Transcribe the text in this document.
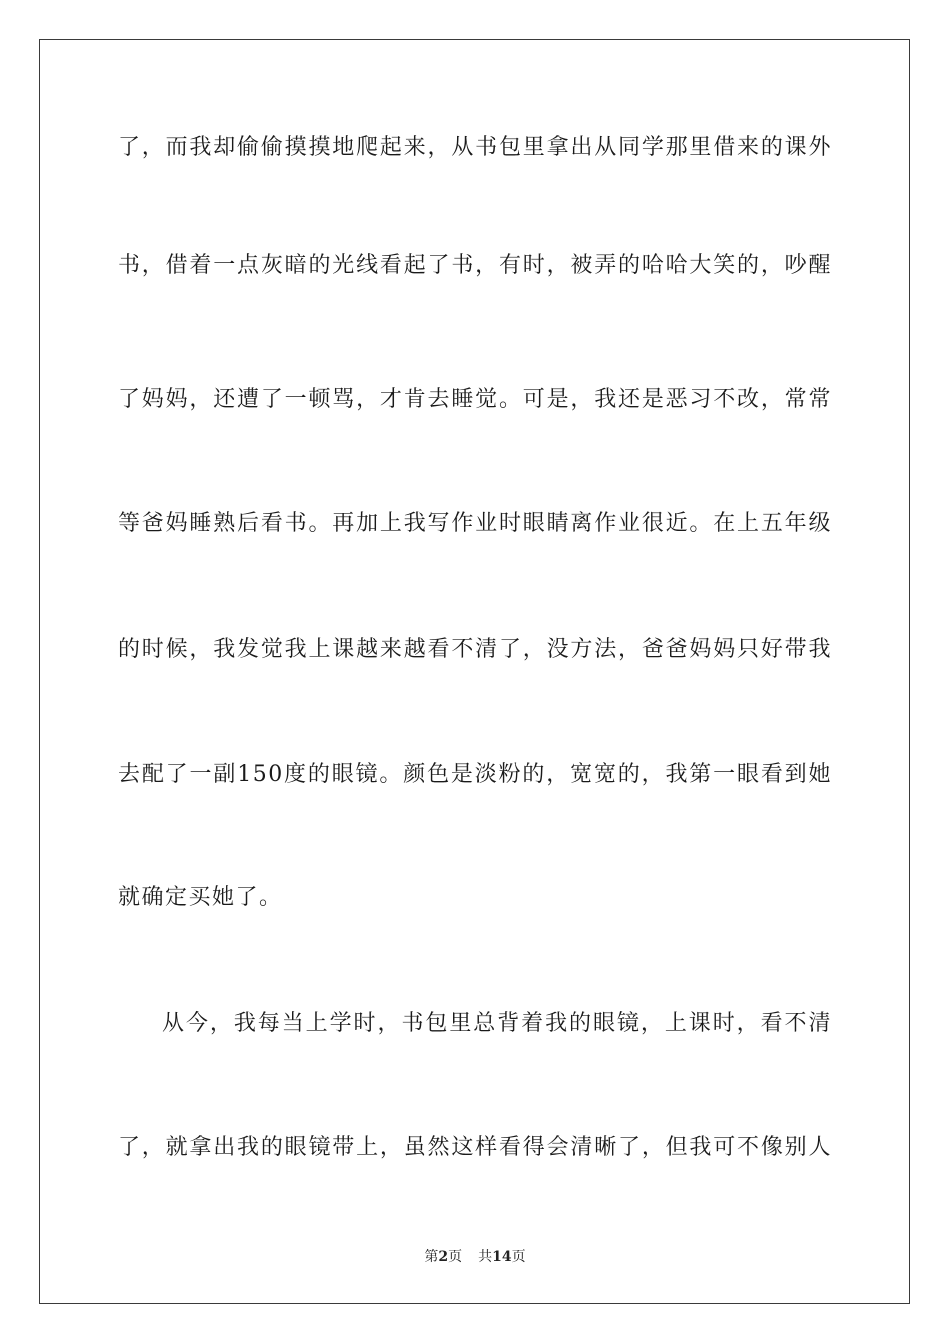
了，而我却偷偷摸摸地爬起来，从书包里拿出从同学那里借来的课外
书，借着一点灰暗的光线看起了书，有时，被弄的哈哈大笑的，吵醒
了妈妈，还遭了一顿骂，才肯去睡觉。可是，我还是恶习不改，常常
等爸妈睡熟后看书。再加上我写作业时眼睛离作业很近。在上五年级
的时候，我发觉我上课越来越看不清了，没方法，爸爸妈妈只好带我
去配了一副150度的眼镜。颜色是淡粉的，宽宽的，我第一眼看到她
就确定买她了。
从今，我每当上学时，书包里总背着我的眼镜，上课时，看不清
了，就拿出我的眼镜带上，虽然这样看得会清晰了，但我可不像别人
第2页 共14页
